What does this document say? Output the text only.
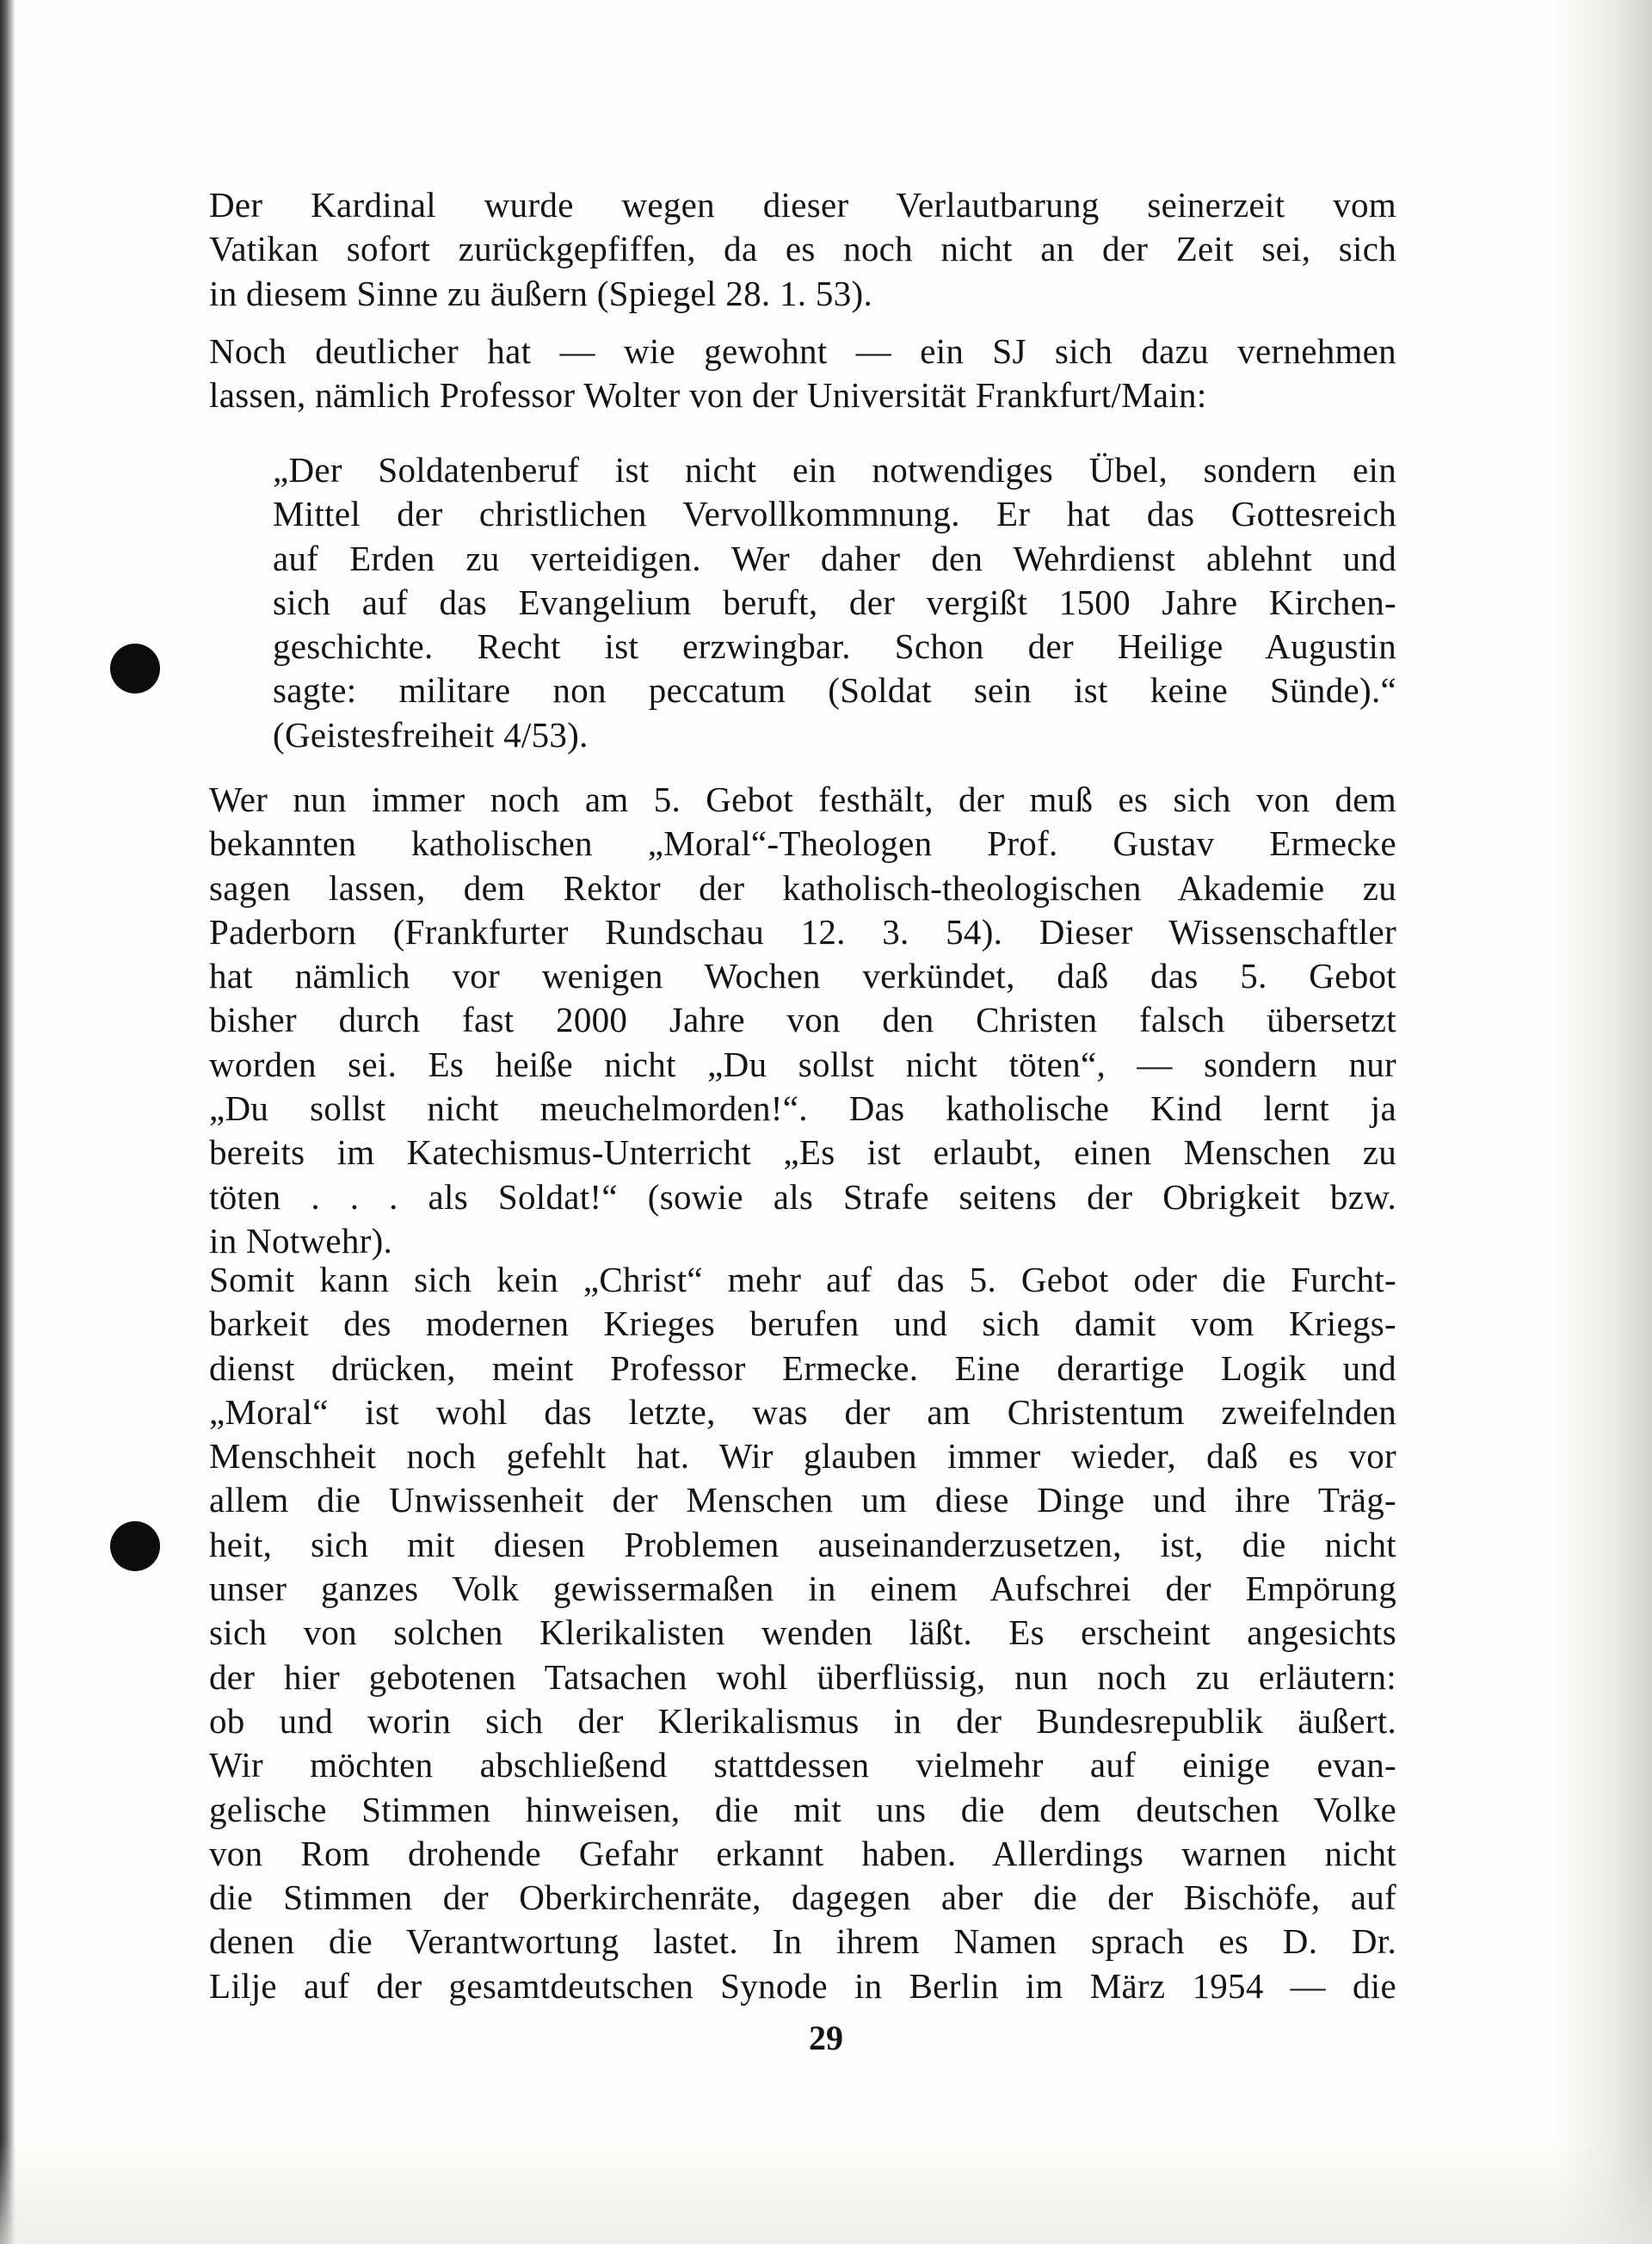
Der Kardinal wurde wegen dieser Verlautbarung seinerzeit vom
Vatikan sofort zurückgepfiffen, da es noch nicht an der Zeit sei, sich
in diesem Sinne zu äußern (Spiegel 28. 1. 53).
Noch deutlicher hat — wie gewohnt — ein SJ sich dazu vernehmen
lassen, nämlich Professor Wolter von der Universität Frankfurt/Main:
„Der Soldatenberuf ist nicht ein notwendiges Übel, sondern ein
Mittel der christlichen Vervollkommnung. Er hat das Gottesreich
auf Erden zu verteidigen. Wer daher den Wehrdienst ablehnt und
sich auf das Evangelium beruft, der vergißt 1500 Jahre Kirchen-
geschichte. Recht ist erzwingbar. Schon der Heilige Augustin
sagte: militare non peccatum (Soldat sein ist keine Sünde).“
(Geistesfreiheit 4/53).
Wer nun immer noch am 5. Gebot festhält, der muß es sich von dem
bekannten katholischen „Moral“-Theologen Prof. Gustav Ermecke
sagen lassen, dem Rektor der katholisch-theologischen Akademie zu
Paderborn (Frankfurter Rundschau 12. 3. 54). Dieser Wissenschaftler
hat nämlich vor wenigen Wochen verkündet, daß das 5. Gebot
bisher durch fast 2000 Jahre von den Christen falsch übersetzt
worden sei. Es heiße nicht „Du sollst nicht töten“, — sondern nur
„Du sollst nicht meuchelmorden!“. Das katholische Kind lernt ja
bereits im Katechismus-Unterricht „Es ist erlaubt, einen Menschen zu
töten . . . als Soldat!“ (sowie als Strafe seitens der Obrigkeit bzw.
in Notwehr).
Somit kann sich kein „Christ“ mehr auf das 5. Gebot oder die Furcht-
barkeit des modernen Krieges berufen und sich damit vom Kriegs-
dienst drücken, meint Professor Ermecke. Eine derartige Logik und
„Moral“ ist wohl das letzte, was der am Christentum zweifelnden
Menschheit noch gefehlt hat. Wir glauben immer wieder, daß es vor
allem die Unwissenheit der Menschen um diese Dinge und ihre Träg-
heit, sich mit diesen Problemen auseinanderzusetzen, ist, die nicht
unser ganzes Volk gewissermaßen in einem Aufschrei der Empörung
sich von solchen Klerikalisten wenden läßt. Es erscheint angesichts
der hier gebotenen Tatsachen wohl überflüssig, nun noch zu erläutern:
ob und worin sich der Klerikalismus in der Bundesrepublik äußert.
Wir möchten abschließend stattdessen vielmehr auf einige evan-
gelische Stimmen hinweisen, die mit uns die dem deutschen Volke
von Rom drohende Gefahr erkannt haben. Allerdings warnen nicht
die Stimmen der Oberkirchenräte, dagegen aber die der Bischöfe, auf
denen die Verantwortung lastet. In ihrem Namen sprach es D. Dr.
Lilje auf der gesamtdeutschen Synode in Berlin im März 1954 — die
29
